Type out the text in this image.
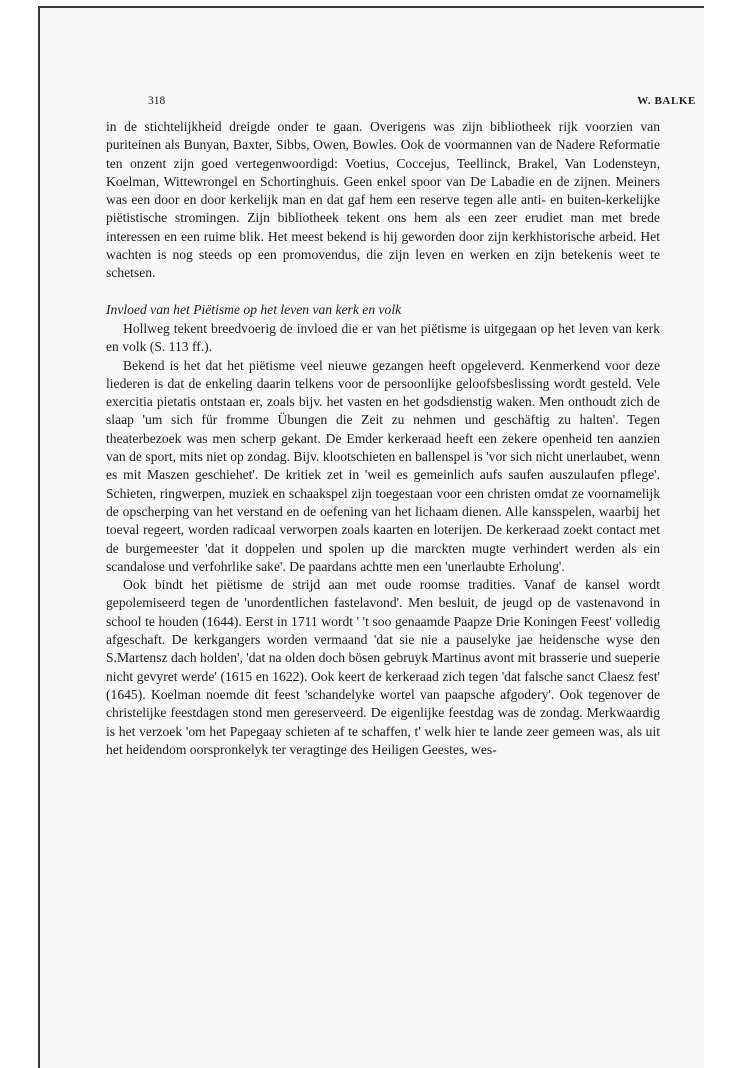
318	W. BALKE

in de stichtelijkheid dreigde onder te gaan. Overigens was zijn bibliotheek rijk voorzien van puriteinen als Bunyan, Baxter, Sibbs, Owen, Bowles. Ook de voormannen van de Nadere Reformatie ten onzent zijn goed vertegenwoordigd: Voetius, Coccejus, Teellinck, Brakel, Van Lodensteyn, Koelman, Wittewrongel en Schortinghuis. Geen enkel spoor van De Labadie en de zijnen. Meiners was een door en door kerkelijk man en dat gaf hem een reserve tegen alle anti- en buiten-kerkelijke piëtistische stromingen. Zijn bibliotheek tekent ons hem als een zeer erudiet man met brede interessen en een ruime blik. Het meest bekend is hij geworden door zijn kerkhistorische arbeid. Het wachten is nog steeds op een promovendus, die zijn leven en werken en zijn betekenis weet te schetsen.

Invloed van het Piëtisme op het leven van kerk en volk

Hollweg tekent breedvoerig de invloed die er van het piëtisme is uitgegaan op het leven van kerk en volk (S. 113 ff.).

Bekend is het dat het piëtisme veel nieuwe gezangen heeft opgeleverd. Kenmerkend voor deze liederen is dat de enkeling daarin telkens voor de persoonlijke geloofsbeslissing wordt gesteld. Vele exercitia pietatis ontstaan er, zoals bijv. het vasten en het godsdienstig waken. Men onthoudt zich de slaap 'um sich für fromme Übungen die Zeit zu nehmen und geschäftig zu halten'. Tegen theaterbezoek was men scherp gekant. De Emder kerkeraad heeft een zekere openheid ten aanzien van de sport, mits niet op zondag. Bijv. klootschieten en ballenspel is 'vor sich nicht unerlaubet, wenn es mit Maszen geschiehet'. De kritiek zet in 'weil es gemeinlich aufs saufen auszulaufen pflege'. Schieten, ringwerpen, muziek en schaakspel zijn toegestaan voor een christen omdat ze voornamelijk de opscherping van het verstand en de oefening van het lichaam dienen. Alle kansspelen, waarbij het toeval regeert, worden radicaal verworpen zoals kaarten en loterijen. De kerkeraad zoekt contact met de burgemeester 'dat it doppelen und spolen up die marckten mugte verhindert werden als ein scandalose und verfohrlike sake'. De paardans achtte men een 'unerlaubte Erholung'.

Ook bindt het piëtisme de strijd aan met oude roomse tradities. Vanaf de kansel wordt gepolemiseerd tegen de 'unordentlichen fastelavond'. Men besluit, de jeugd op de vastenavond in school te houden (1644). Eerst in 1711 wordt ' 't soo genaamde Paapze Drie Koningen Feest' volledig afgeschaft. De kerkgangers worden vermaand 'dat sie nie a pauselyke jae heidensche wyse den S.Martensz dach holden', 'dat na olden doch bösen gebruyk Martinus avont mit brasserie und sueperie nicht gevyret werde' (1615 en 1622). Ook keert de kerkeraad zich tegen 'dat falsche sanct Claesz fest' (1645). Koelman noemde dit feest 'schandelyke wortel van paapsche afgodery'. Ook tegenover de christelijke feestdagen stond men gereserveerd. De eigenlijke feestdag was de zondag. Merkwaardig is het verzoek 'om het Papegaay schieten af te schaffen, t' welk hier te lande zeer gemeen was, als uit het heidendom oorspronkelyk ter veragtinge des Heiligen Geestes, wes-
